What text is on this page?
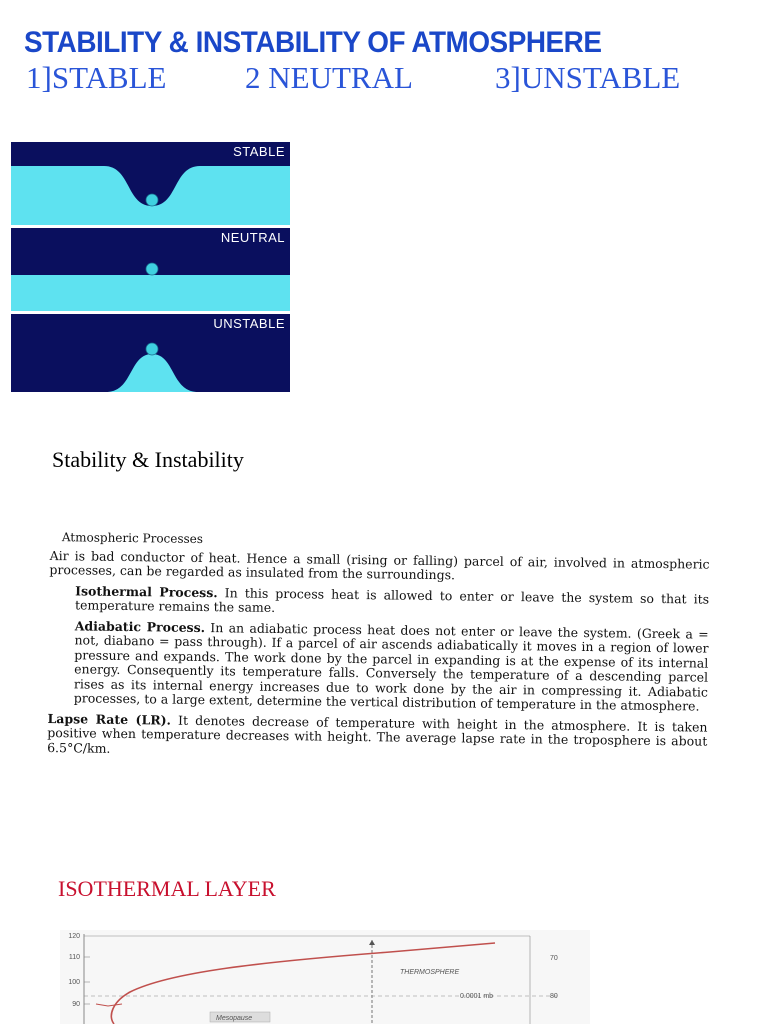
STABILITY & INSTABILITY OF ATMOSPHERE
1]STABLE	2 NEUTRAL	3]UNSTABLE
STABLE
NEUTRAL
UNSTABLE
Stability & Instability
Atmospheric Processes

Air is bad conductor of heat. Hence a small (rising or falling) parcel of air, involved in atmospheric processes, can be regarded as insulated from the surroundings.

Isothermal Process. In this process heat is allowed to enter or leave the system so that its temperature remains the same.

Adiabatic Process. In an adiabatic process heat does not enter or leave the system. (Greek a = not, diabano = pass through). If a parcel of air ascends adiabatically it moves in a region of lower pressure and expands. The work done by the parcel in expanding is at the expense of its internal energy. Consequently its temperature falls. Conversely the temperature of a descending parcel rises as its internal energy increases due to work done by the air in compressing it. Adiabatic processes, to a large extent, determine the vertical distribution of temperature in the atmosphere.

Lapse Rate (LR). It denotes decrease of temperature with height in the atmosphere. It is taken positive when temperature decreases with height. The average lapse rate in the troposphere is about 6.5°C/km.

ISOTHERMAL LAYER
120
110
100
90
THERMOSPHERE
0.0001 mb
70
80
Mesopause
